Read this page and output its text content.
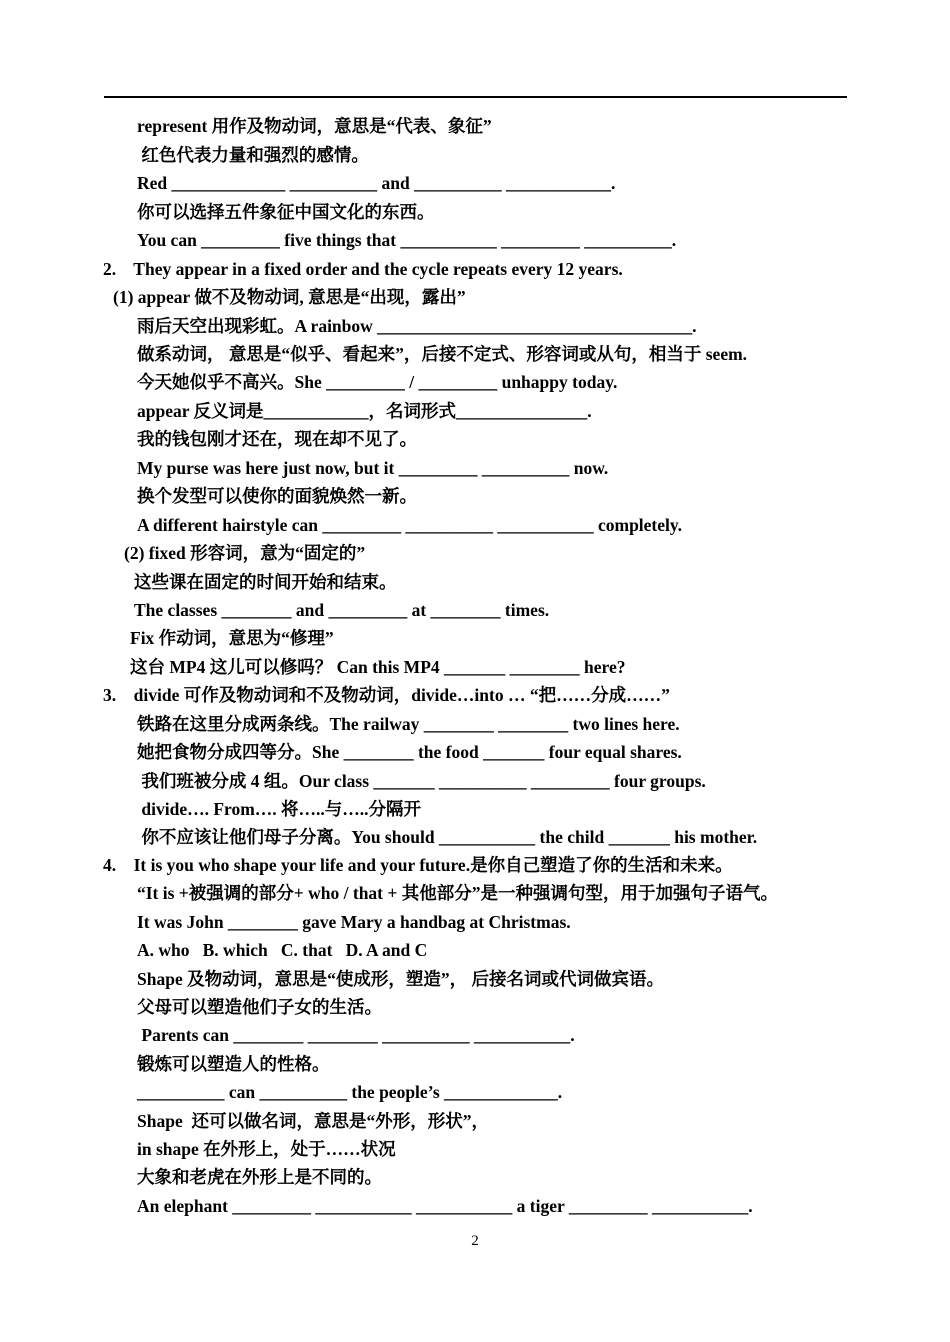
represent 用作及物动词，意思是“代表、象征”
红色代表力量和强烈的感情。
Red _____________ __________ and __________ ____________.
你可以选择五件象征中国文化的东西。
You can _________ five things that ___________ _________ __________.
2.    They appear in a fixed order and the cycle repeats every 12 years.
(1) appear 做不及物动词, 意思是“出现，露出”
雨后天空出现彩虹。A rainbow ____________________________________.
做系动词， 意思是“似乎、看起来”，后接不定式、形容词或从句，相当于 seem.
今天她似乎不高兴。She _________ / _________ unhappy today.
appear 反义词是____________，名词形式_______________.
我的钱包刚才还在，现在却不见了。
My purse was here just now, but it _________ __________ now.
换个发型可以使你的面貌焕然一新。
A different hairstyle can _________ __________ ___________ completely.
(2) fixed 形容词，意为“固定的”
这些课在固定的时间开始和结束。
The classes ________ and _________ at ________ times.
Fix 作动词，意思为“修理”
这台 MP4 这儿可以修吗？ Can this MP4 _______ ________ here?
3.    divide 可作及物动词和不及物动词，divide…into … “把……分成……”
铁路在这里分成两条线。The railway ________ ________ two lines here.
她把食物分成四等分。She ________ the food _______ four equal shares.
我们班被分成 4 组。Our class _______ __________ _________ four groups.
divide…. From…. 将…..与…..分隔开
你不应该让他们母子分离。You should ___________ the child _______ his mother.
4.    It is you who shape your life and your future.是你自己塑造了你的生活和未来。
“It is +被强调的部分+ who / that + 其他部分”是一种强调句型，用于加强句子语气。
It was John ________ gave Mary a handbag at Christmas.
A. who   B. which   C. that   D. A and C
Shape 及物动词，意思是“使成形，塑造”， 后接名词或代词做宾语。
父母可以塑造他们子女的生活。
Parents can ________ ________ __________ ___________.
锻炼可以塑造人的性格。
__________ can __________ the people’s _____________.
Shape  还可以做名词，意思是“外形，形状”，
in shape 在外形上，处于……状况
大象和老虎在外形上是不同的。
An elephant _________ ___________ ___________ a tiger _________ ___________.
2
